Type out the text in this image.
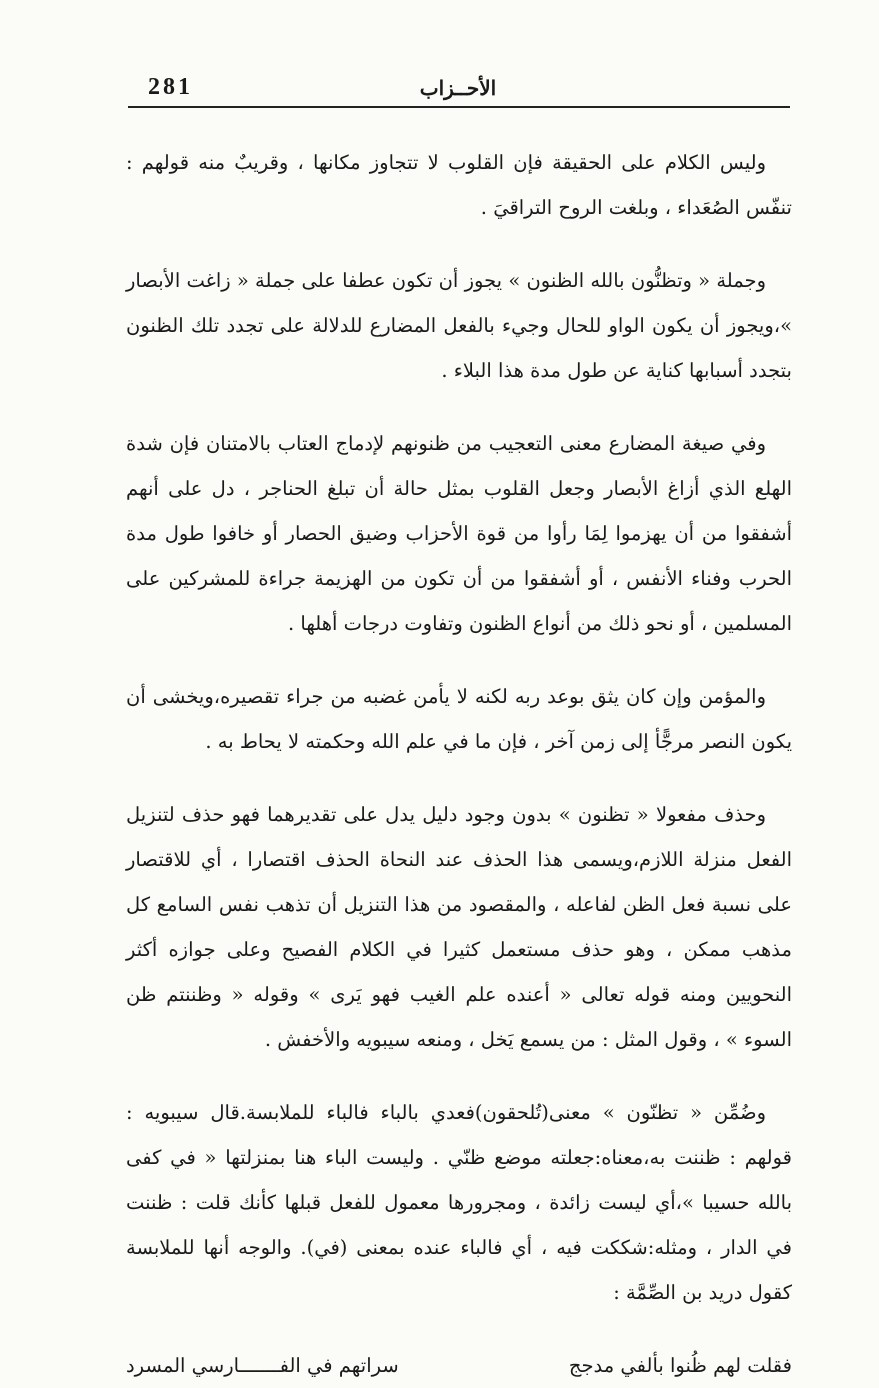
281	الأحــزاب

وليس الكلام على الحقيقة فإن القلوب لا تتجاوز مكانها ، وقريبٌ منه قولهم : تنفّس الصُعَداء ، وبلغت الروح التراقيَ .

وجملة « وتظنُّون بالله الظنون » يجوز أن تكون عطفا على جملة « زاغت الأبصار »،ويجوز أن يكون الواو للحال وجيء بالفعل المضارع للدلالة على تجدد تلك الظنون بتجدد أسبابها كناية عن طول مدة هذا البلاء .

وفي صيغة المضارع معنى التعجيب من ظنونهم لإدماج العتاب بالامتنان فإن شدة الهلع الذي أزاغ الأبصار وجعل القلوب بمثل حالة أن تبلغ الحناجر ، دل على أنهم أشفقوا من أن يهزموا لِمَا رأوا من قوة الأحزاب وضيق الحصار أو خافوا طول مدة الحرب وفناء الأنفس ، أو أشفقوا من أن تكون من الهزيمة جراءة للمشركين على المسلمين ، أو نحو ذلك من أنواع الظنون وتفاوت درجات أهلها .

والمؤمن وإن كان يثق بوعد ربه لكنه لا يأمن غضبه من جراء تقصيره،ويخشى أن يكون النصر مرجًّأ إلى زمن آخر ، فإن ما في علم الله وحكمته لا يحاط به .

وحذف مفعولا « تظنون » بدون وجود دليل يدل على تقديرهما فهو حذف لتنزيل الفعل منزلة اللازم،ويسمى هذا الحذف عند النحاة الحذف اقتصارا ، أي للاقتصار على نسبة فعل الظن لفاعله ، والمقصود من هذا التنزيل أن تذهب نفس السامع كل مذهب ممكن ، وهو حذف مستعمل كثيرا في الكلام الفصيح وعلى جوازه أكثر النحويين ومنه قوله تعالى « أعنده علم الغيب فهو يَرى » وقوله « وظننتم ظن السوء » ، وقول المثل : من يسمع يَخل ، ومنعه سيبويه والأخفش .

وضُمِّن « تظنّون » معنى(تُلحقون)فعدي بالباء فالباء للملابسة.قال سيبويه : قولهم : ظننت به،معناه:جعلته موضع ظنّي . وليست الباء هنا بمنزلتها « في كفى بالله حسيبا »،أي ليست زائدة ، ومجرورها معمول للفعل قبلها كأنك قلت : ظننت في الدار ، ومثله:شككت فيه ، أي فالباء عنده بمعنى (في). والوجه أنها للملابسة كقول دريد بن الصِّمَّة :

فقلت لهم ظُنوا بألفي مدجج
سراتهم في الفـــــــارسي المسرد
